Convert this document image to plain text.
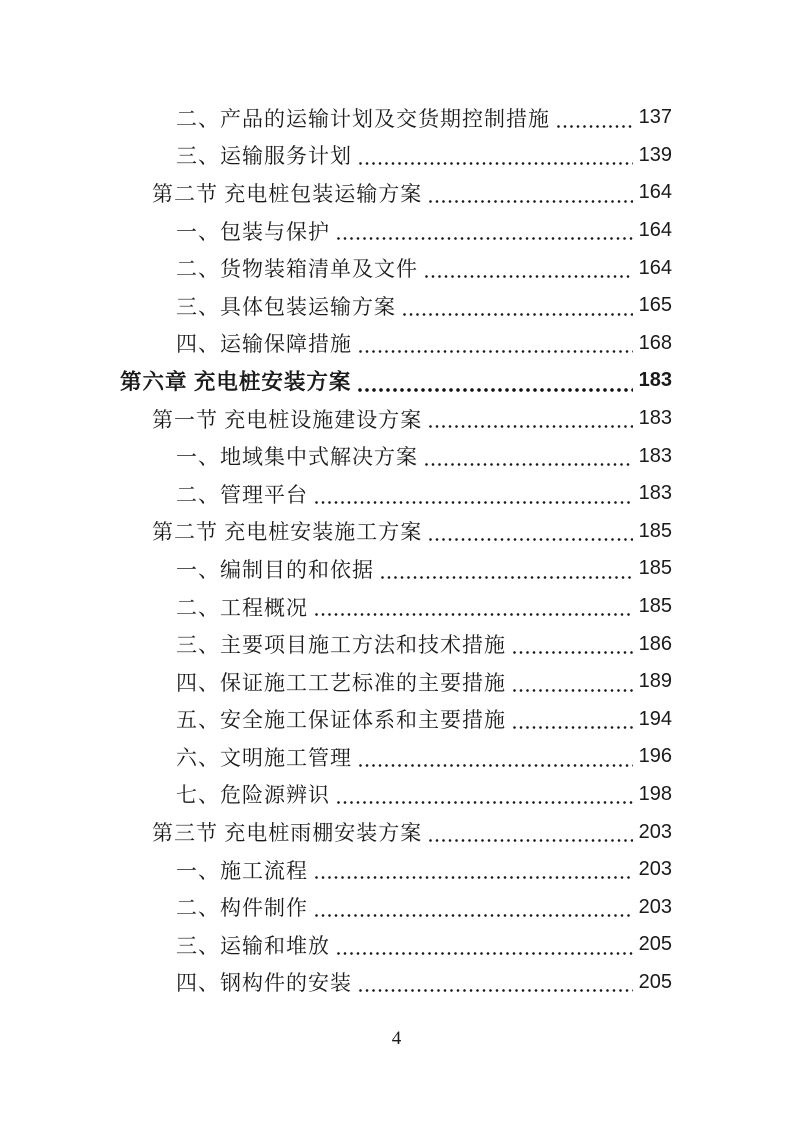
二、产品的运输计划及交货期控制措施	137
三、运输服务计划	139
第二节 充电桩包装运输方案	164
一、包装与保护	164
二、货物装箱清单及文件	164
三、具体包装运输方案	165
四、运输保障措施	168
第六章 充电桩安装方案	183
第一节 充电桩设施建设方案	183
一、地域集中式解决方案	183
二、管理平台	183
第二节 充电桩安装施工方案	185
一、编制目的和依据	185
二、工程概况	185
三、主要项目施工方法和技术措施	186
四、保证施工工艺标准的主要措施	189
五、安全施工保证体系和主要措施	194
六、文明施工管理	196
七、危险源辨识	198
第三节 充电桩雨棚安装方案	203
一、施工流程	203
二、构件制作	203
三、运输和堆放	205
四、钢构件的安装	205
4
